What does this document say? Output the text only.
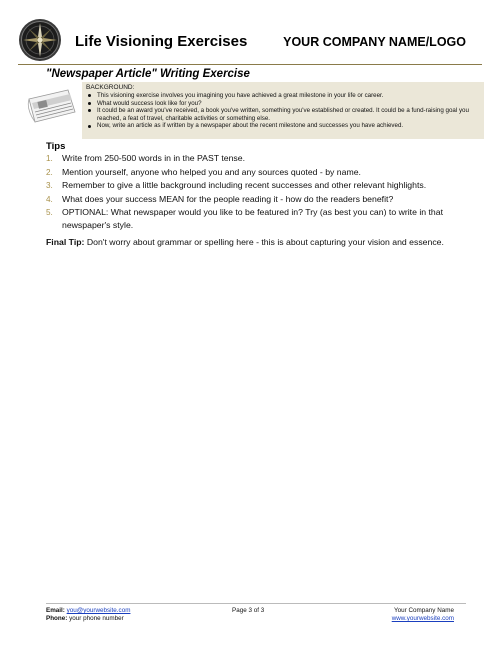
Life Visioning Exercises	YOUR COMPANY NAME/LOGO
"Newspaper Article" Writing Exercise
BACKGROUND:
This visioning exercise involves you imagining you have achieved a great milestone in your life or career.
What would success look like for you?
It could be an award you've received, a book you've written, something you've established or created. It could be a fund-raising goal you reached, a feat of travel, charitable activities or something else.
Now, write an article as if written by a newspaper about the recent milestone and successes you have achieved.
Tips
1. Write from 250-500 words in in the PAST tense.
2. Mention yourself, anyone who helped you and any sources quoted - by name.
3. Remember to give a little background including recent successes and other relevant highlights.
4. What does your success MEAN for the people reading it - how do the readers benefit?
5. OPTIONAL: What newspaper would you like to be featured in? Try (as best you can) to write in that newspaper's style.
Final Tip: Don't worry about grammar or spelling here - this is about capturing your vision and essence.
Email: you@yourwebsite.com
Phone: your phone number
Page 3 of 3	Your Company Name
www.yourwebsite.com
